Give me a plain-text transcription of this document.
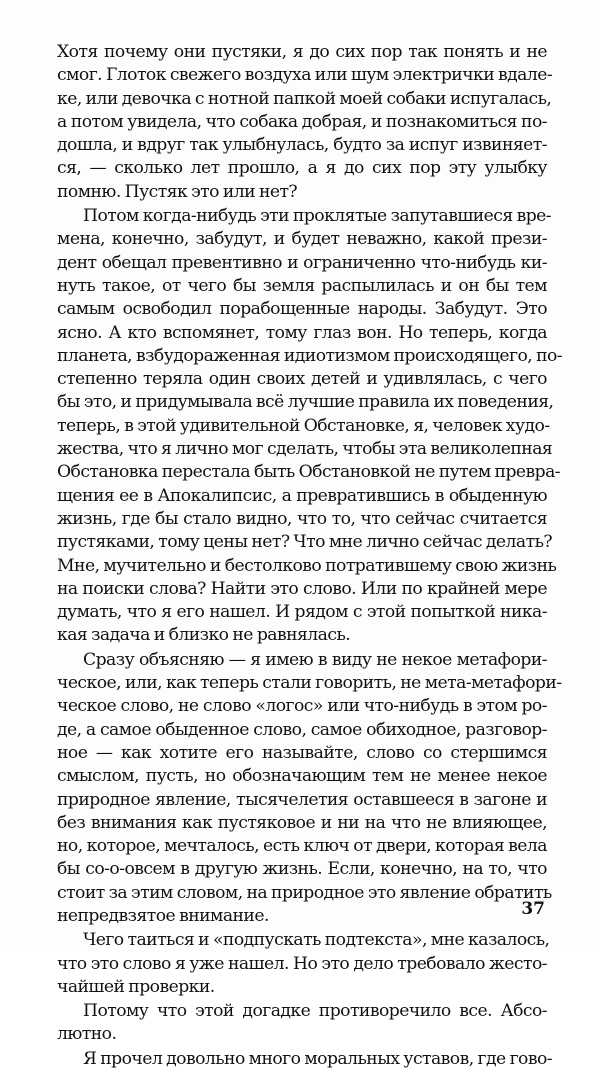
Хотя почему они пустяки, я до сих пор так понять и не
смог. Глоток свежего воздуха или шум электрички вдале-
ке, или девочка с нотной папкой моей собаки испугалась,
а потом увидела, что собака добрая, и познакомиться по-
дошла, и вдруг так улыбнулась, будто за испуг извиняет-
ся, — сколько лет прошло, а я до сих пор эту улыбку
помню. Пустяк это или нет?
Потом когда-нибудь эти проклятые запутавшиеся вре-
мена, конечно, забудут, и будет неважно, какой прези-
дент обещал превентивно и ограниченно что-нибудь ки-
нуть такое, от чего бы земля распылилась и он бы тем
самым освободил порабощенные народы. Забудут. Это
ясно. А кто вспомянет, тому глаз вон. Но теперь, когда
планета, взбудораженная идиотизмом происходящего, по-
степенно теряла один своих детей и удивлялась, с чего
бы это, и придумывала всё лучшие правила их поведения,
теперь, в этой удивительной Обстановке, я, человек худо-
жества, что я лично мог сделать, чтобы эта великолепная
Обстановка перестала быть Обстановкой не путем превра-
щения ее в Апокалипсис, а превратившись в обыденную
жизнь, где бы стало видно, что то, что сейчас считается
пустяками, тому цены нет? Что мне лично сейчас делать?
Мне, мучительно и бестолково потратившему свою жизнь
на поиски слова? Найти это слово. Или по крайней мере
думать, что я его нашел. И рядом с этой попыткой ника-
кая задача и близко не равнялась.
Сразу объясняю — я имею в виду не некое метафори-
ческое, или, как теперь стали говорить, не мета-метафори-
ческое слово, не слово «логос» или что-нибудь в этом ро-
де, а самое обыденное слово, самое обиходное, разговор-
ное — как хотите его называйте, слово со стершимся
смыслом, пусть, но обозначающим тем не менее некое
природное явление, тысячелетия оставшееся в загоне и
без внимания как пустяковое и ни на что не влияющее,
но, которое, мечталось, есть ключ от двери, которая вела
бы со-о-овсем в другую жизнь. Если, конечно, на то, что
стоит за этим словом, на природное это явление обратить
непредвзятое внимание.
Чего таиться и «подпускать подтекста», мне казалось,
что это слово я уже нашел. Но это дело требовало жесто-
чайшей проверки.
Потому что этой догадке противоречило все. Абсо-
лютно.
Я прочел довольно много моральных уставов, где гово-
37
